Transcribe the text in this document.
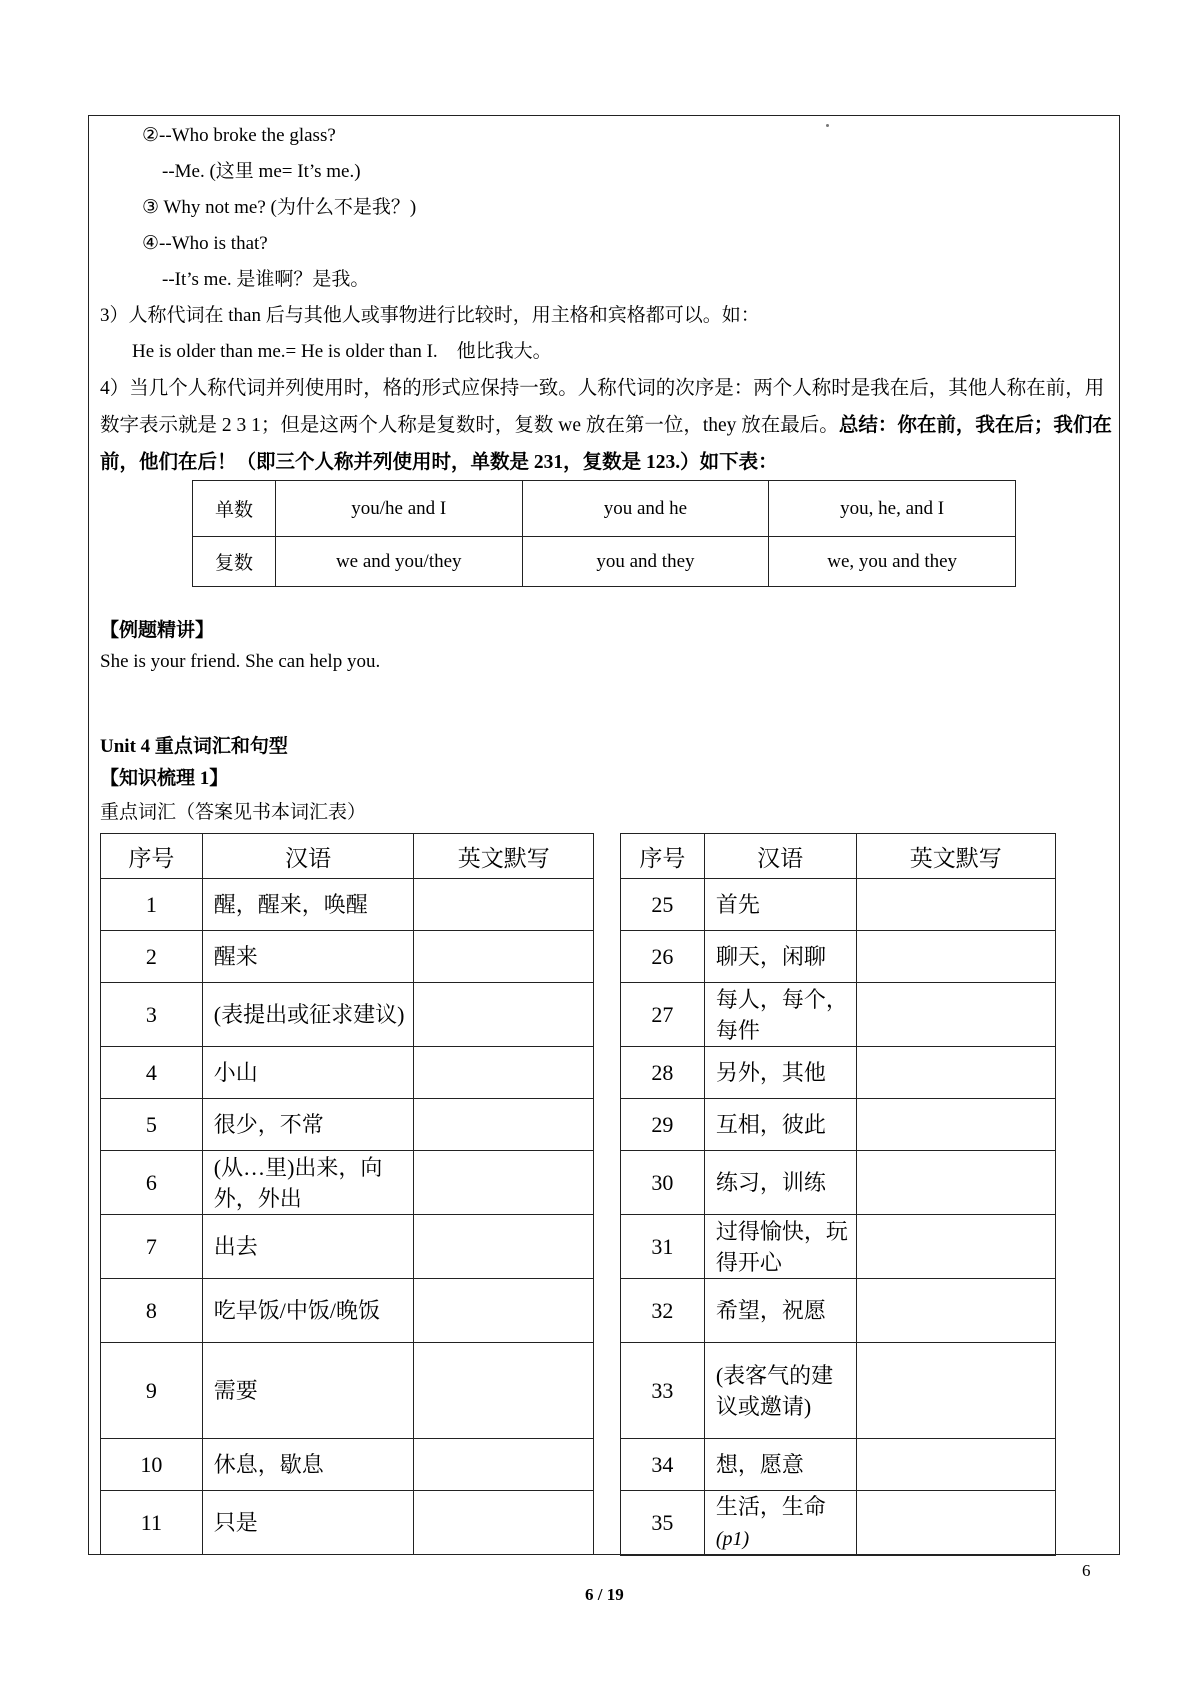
②--Who broke the glass?
--Me. (这里 me= It’s me.)
③ Why not me? (为什么不是我？)
④--Who is that?
--It’s me. 是谁啊？是我。
3）人称代词在 than 后与其他人或事物进行比较时，用主格和宾格都可以。如：
He is older than me.= He is older than I.    他比我大。
4）当几个人称代词并列使用时，格的形式应保持一致。人称代词的次序是：两个人称时是我在后，其他人称在前，用数字表示就是 2 3 1；但是这两个人称是复数时，复数 we 放在第一位，they 放在最后。总结：你在前，我在后；我们在前，他们在后！（即三个人称并列使用时，单数是 231，复数是 123.）如下表：
单数	you/he and I	you and he	you, he, and I
复数	we and you/they	you and they	we, you and they
【例题精讲】
She is your friend. She can help you.
Unit 4 重点词汇和句型
【知识梳理 1】
重点词汇（答案见书本词汇表）
序号	汉语	英文默写
1	醒，醒来，唤醒	
2	醒来	
3	(表提出或征求建议)	
4	小山	
5	很少，不常	
6	(从…里)出来，向外，外出	
7	出去	
8	吃早饭/中饭/晚饭	
9	需要	
10	休息，歇息	
11	只是	
序号	汉语	英文默写
25	首先	
26	聊天，闲聊	
27	每人，每个，每件	
28	另外，其他	
29	互相，彼此	
30	练习，训练	
31	过得愉快，玩得开心	
32	希望，祝愿	
33	(表客气的建议或邀请)	
34	想，愿意	
35	生活，生命
(p1)	
6
6 / 19
